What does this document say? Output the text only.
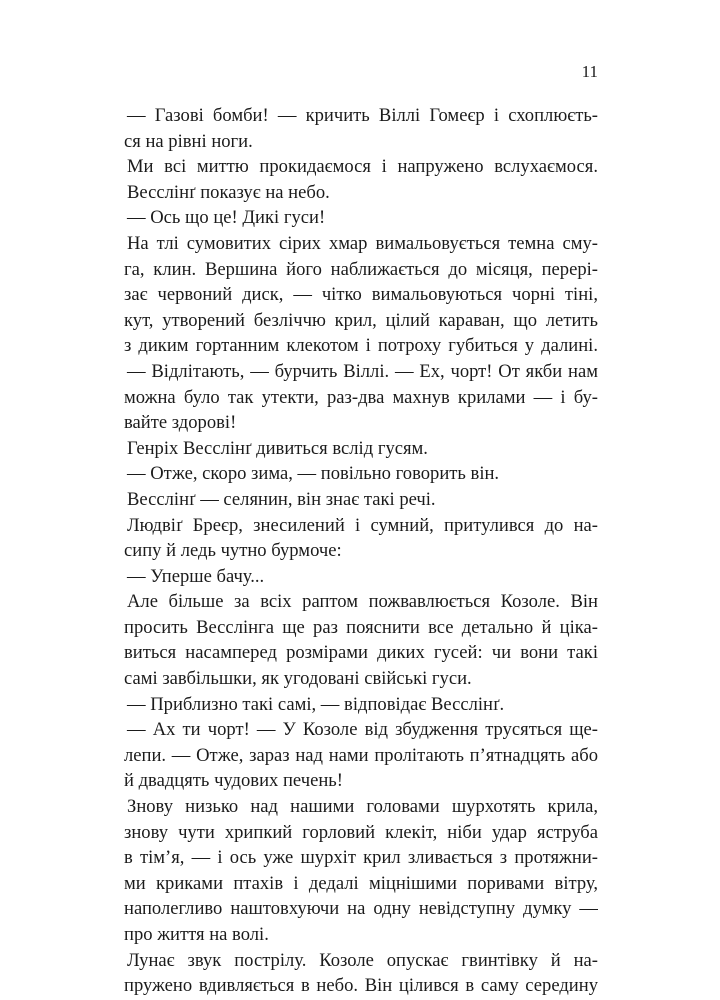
11
— Газові бомби! — кричить Віллі Гомеєр і схоплюєть-
ся на рівні ноги.
Ми всі миттю прокидаємося і напружено вслухаємося.
Весслінґ показує на небо.
— Ось що це! Дикі гуси!
На тлі сумовитих сірих хмар вимальовується темна сму-
га, клин. Вершина його наближається до місяця, перері-
зає червоний диск, — чітко вимальовуються чорні тіні,
кут, утворений безліччю крил, цілий караван, що летить
з диким гортанним клекотом і потроху губиться у далині.
— Відлітають, — бурчить Віллі. — Ех, чорт! От якби нам
можна було так утекти, раз-два махнув крилами — і бу-
вайте здорові!
Генріх Весслінґ дивиться вслід гусям.
— Отже, скоро зима, — повільно говорить він.
Весслінґ — селянин, він знає такі речі.
Людвіґ Бреєр, знесилений і сумний, притулився до на-
сипу й ледь чутно бурмоче:
— Уперше бачу...
Але більше за всіх раптом пожвавлюється Козоле. Він
просить Весслінга ще раз пояснити все детально й ціка-
виться насамперед розмірами диких гусей: чи вони такі
самі завбільшки, як угодовані свійські гуси.
— Приблизно такі самі, — відповідає Весслінґ.
— Ах ти чорт! — У Козоле від збудження трусяться ще-
лепи. — Отже, зараз над нами пролітають п’ятнадцять або
й двадцять чудових печень!
Знову низько над нашими головами шурхотять крила,
знову чути хрипкий горловий клекіт, ніби удар яструба
в тім’я, — і ось уже шурхіт крил зливається з протяжни-
ми криками птахів і дедалі міцнішими поривами вітру,
наполегливо наштовхуючи на одну невідступну думку —
про життя на волі.
Лунає звук пострілу. Козоле опускає гвинтівку й на-
пружено вдивляється в небо. Він цілився в саму середину
